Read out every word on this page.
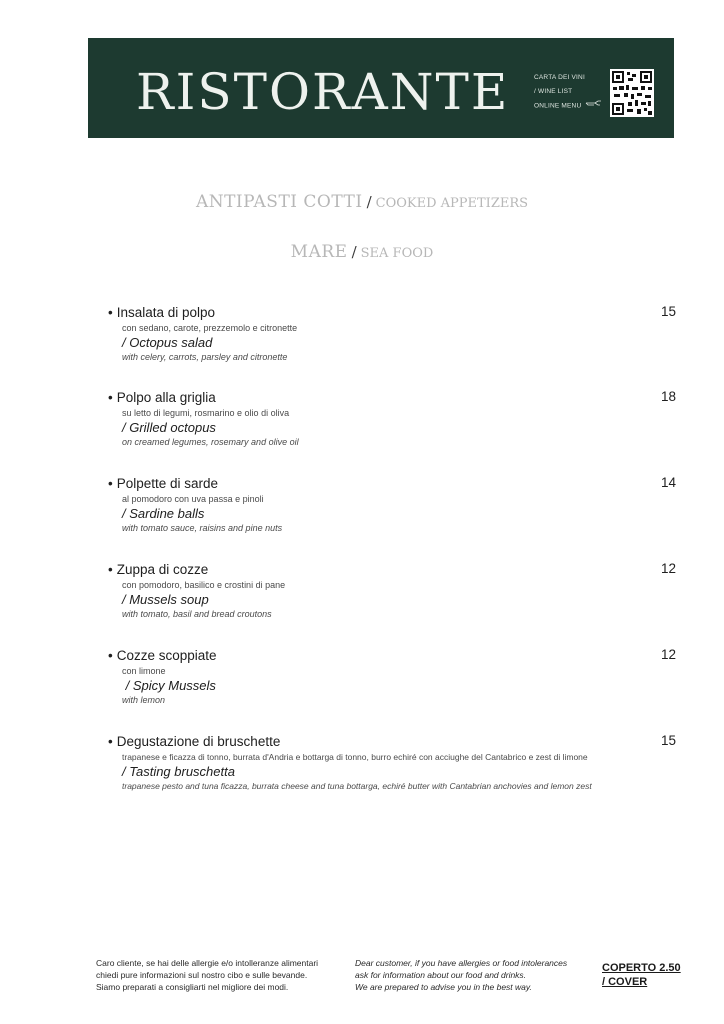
RISTORANTE	CARTA DEI VINI
/ WINE LIST
ONLINE MENU
ANTIPASTI COTTI / COOKED APPETIZERS
MARE / SEA FOOD
• Insalata di polpo	15
con sedano, carote, prezzemolo e citronette
/ Octopus salad
with celery, carrots, parsley and citronette
• Polpo alla griglia	18
su letto di legumi, rosmarino e olio di oliva
/ Grilled octopus
on creamed legumes, rosemary and olive oil
• Polpette di sarde	14
al pomodoro con uva passa e pinoli
/ Sardine balls
with tomato sauce, raisins and pine nuts
• Zuppa di cozze	12
con pomodoro, basilico e crostini di pane
/ Mussels soup
with tomato, basil and bread croutons
• Cozze scoppiate	12
con limone
/ Spicy Mussels
with lemon
• Degustazione di bruschette	15
trapanese e ficazza di tonno, burrata d'Andria e bottarga di tonno, burro echiré con acciughe del Cantabrico e zest di limone
/ Tasting bruschetta
trapanese pesto and tuna ficazza, burrata cheese and tuna bottarga, echiré butter with Cantabrian anchovies and lemon zest
Caro cliente, se hai delle allergie e/o intolleranze alimentari
chiedi pure informazioni sul nostro cibo e sulle bevande.
Siamo preparati a consigliarti nel migliore dei modi.
Dear customer, if you have allergies or food intolerances
ask for information about our food and drinks.
We are prepared to advise you in the best way.
COPERTO 2.50
/ COVER
